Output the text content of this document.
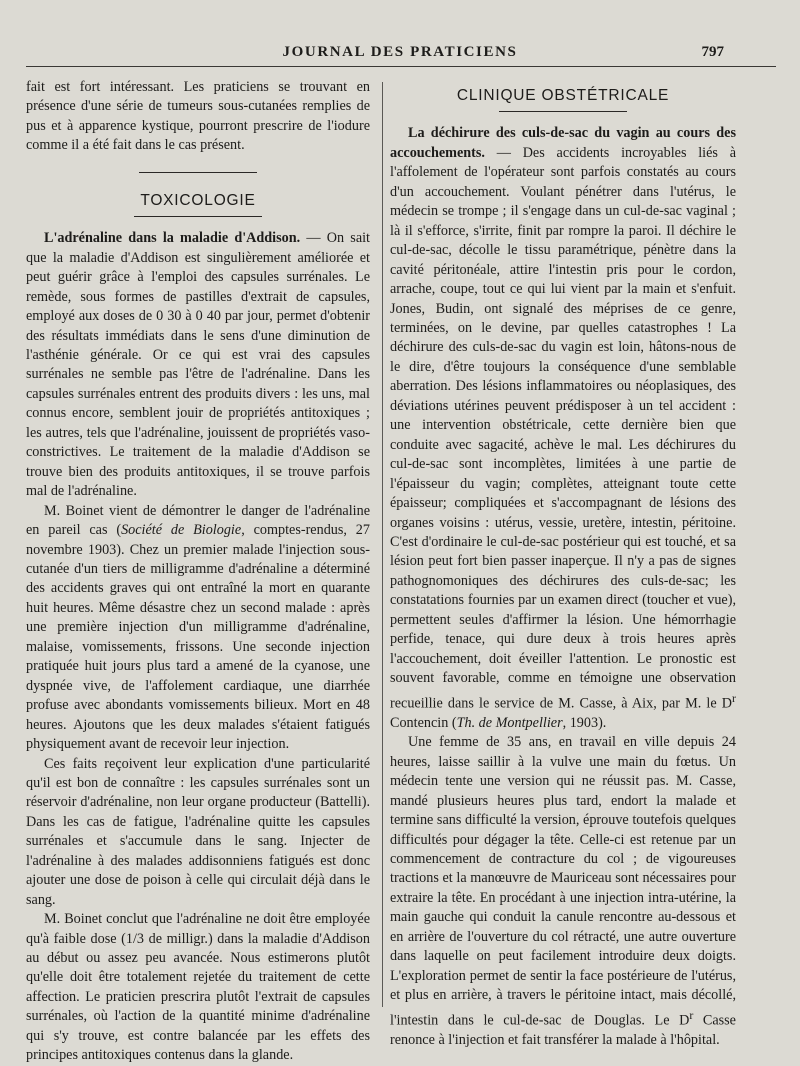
JOURNAL DES PRATICIENS	797

fait est fort intéressant. Les praticiens se trouvant en présence d'une série de tumeurs sous-cutanées remplies de pus et à apparence kystique, pourront prescrire de l'iodure comme il a été fait dans le cas présent.

TOXICOLOGIE

L'adrénaline dans la maladie d'Addison. — On sait que la maladie d'Addison est singulièrement améliorée et peut guérir grâce à l'emploi des capsules surrénales. Le remède, sous formes de pastilles d'extrait de capsules, employé aux doses de 0 30 à 0 40 par jour, permet d'obtenir des résultats immédiats dans le sens d'une diminution de l'asthénie générale. Or ce qui est vrai des capsules surrénales ne semble pas l'être de l'adrénaline. Dans les capsules surrénales entrent des produits divers : les uns, mal connus encore, semblent jouir de propriétés antitoxiques ; les autres, tels que l'adrénaline, jouissent de propriétés vaso-constrictives. Le traitement de la maladie d'Addison se trouve bien des produits antitoxiques, il se trouve parfois mal de l'adrénaline.

M. Boinet vient de démontrer le danger de l'adrénaline en pareil cas (Société de Biologie, comptes-rendus, 27 novembre 1903). Chez un premier malade l'injection sous-cutanée d'un tiers de milligramme d'adrénaline a déterminé des accidents graves qui ont entraîné la mort en quarante huit heures. Même désastre chez un second malade : après une première injection d'un milligramme d'adrénaline, malaise, vomissements, frissons. Une seconde injection pratiquée huit jours plus tard a amené de la cyanose, une dyspnée vive, de l'affolement cardiaque, une diarrhée profuse avec abondants vomissements bilieux. Mort en 48 heures. Ajoutons que les deux malades s'étaient fatigués physiquement avant de recevoir leur injection.

Ces faits reçoivent leur explication d'une particularité qu'il est bon de connaître : les capsules surrénales sont un réservoir d'adrénaline, non leur organe producteur (Battelli). Dans les cas de fatigue, l'adrénaline quitte les capsules surrénales et s'accumule dans le sang. Injecter de l'adrénaline à des malades addisonniens fatigués est donc ajouter une dose de poison à celle qui circulait déjà dans le sang.

M. Boinet conclut que l'adrénaline ne doit être employée qu'à faible dose (1/3 de milligr.) dans la maladie d'Addison au début ou assez peu avancée. Nous estimerons plutôt qu'elle doit être totalement rejetée du traitement de cette affection. Le praticien prescrira plutôt l'extrait de capsules surrénales, où l'action de la quantité minime d'adrénaline qui s'y trouve, est contre balancée par les effets des principes antitoxiques contenus dans la glande.

CLINIQUE OBSTÉTRICALE

La déchirure des culs-de-sac du vagin au cours des accouchements. — Des accidents incroyables liés à l'affolement de l'opérateur sont parfois constatés au cours d'un accouchement. Voulant pénétrer dans l'utérus, le médecin se trompe ; il s'engage dans un cul-de-sac vaginal ; là il s'efforce, s'irrite, finit par rompre la paroi. Il déchire le cul-de-sac, décolle le tissu paramétrique, pénètre dans la cavité péritonéale, attire l'intestin pris pour le cordon, arrache, coupe, tout ce qui lui vient par la main et s'enfuit. Jones, Budin, ont signalé des méprises de ce genre, terminées, on le devine, par quelles catastrophes ! La déchirure des culs-de-sac du vagin est loin, hâtons-nous de le dire, d'être toujours la conséquence d'une semblable aberration. Des lésions inflammatoires ou néoplasiques, des déviations utérines peuvent prédisposer à un tel accident : une intervention obstétricale, cette dernière bien que conduite avec sagacité, achève le mal. Les déchirures du cul-de-sac sont incomplètes, limitées à une partie de l'épaisseur du vagin; complètes, atteignant toute cette épaisseur; compliquées et s'accompagnant de lésions des organes voisins : utérus, vessie, uretère, intestin, péritoine. C'est d'ordinaire le cul-de-sac postérieur qui est touché, et sa lésion peut fort bien passer inaperçue. Il n'y a pas de signes pathognomoniques des déchirures des culs-de-sac; les constatations fournies par un examen direct (toucher et vue), permettent seules d'affirmer la lésion. Une hémorrhagie perfide, tenace, qui dure deux à trois heures après l'accouchement, doit éveiller l'attention. Le pronostic est souvent favorable, comme en témoigne une observation recueillie dans le service de M. Casse, à Aix, par M. le $D^r$ Contencin (Th. de Montpellier, 1903).

Une femme de 35 ans, en travail en ville depuis 24 heures, laisse saillir à la vulve une main du fœtus. Un médecin tente une version qui ne réussit pas. M. Casse, mandé plusieurs heures plus tard, endort la malade et termine sans difficulté la version, éprouve toutefois quelques difficultés pour dégager la tête. Celle-ci est retenue par un commencement de contracture du col ; de vigoureuses tractions et la manœuvre de Mauriceau sont nécessaires pour extraire la tête. En procédant à une injection intra-utérine, la main gauche qui conduit la canule rencontre au-dessous et en arrière de l'ouverture du col rétracté, une autre ouverture dans laquelle on peut facilement introduire deux doigts. L'exploration permet de sentir la face postérieure de l'utérus, et plus en arrière, à travers le péritoine intact, mais décollé, l'intestin dans le cul-de-sac de Douglas. Le $D^r$ Casse renonce à l'injection et fait transférer la malade à l'hôpital.
